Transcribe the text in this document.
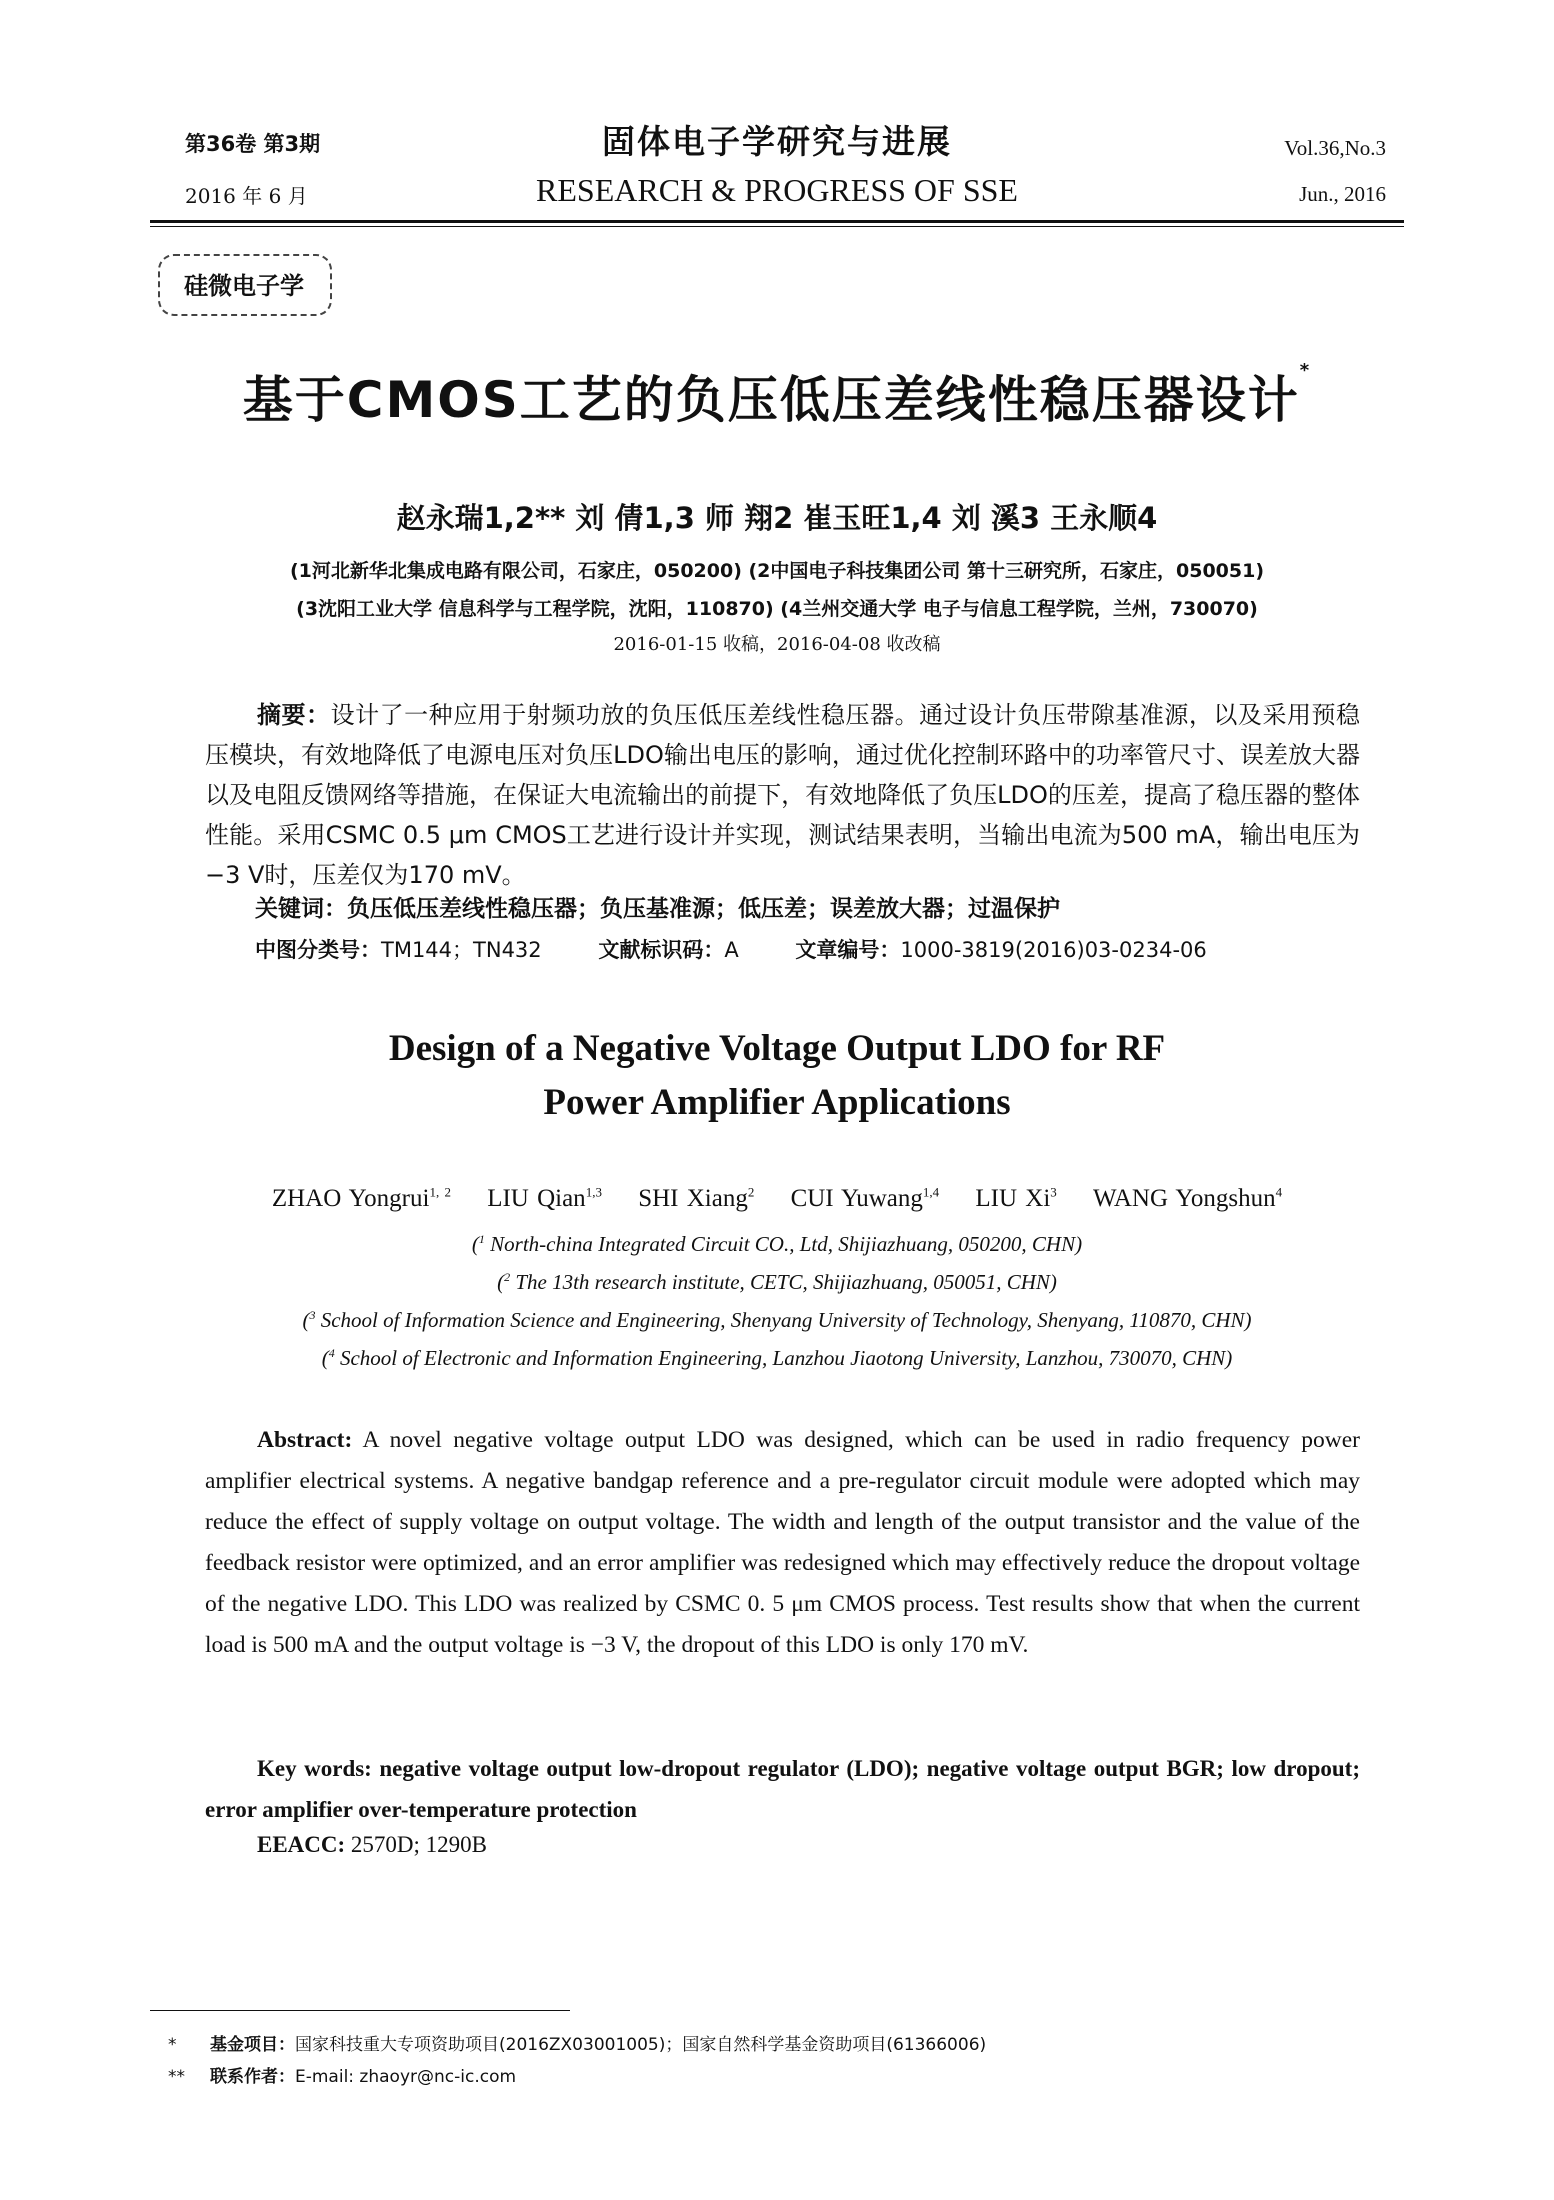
第36卷 第3期
2016 年 6 月
固体电子学研究与进展
RESEARCH & PROGRESS OF SSE
Vol.36,No.3
Jun., 2016
硅微电子学
基于CMOS工艺的负压低压差线性稳压器设计*
赵永瑞1,2** 刘 倩1,3 师 翔2 崔玉旺1,4 刘 溪3 王永顺4
(1河北新华北集成电路有限公司，石家庄，050200) (2中国电子科技集团公司 第十三研究所，石家庄，050051)
(3沈阳工业大学 信息科学与工程学院，沈阳，110870) (4兰州交通大学 电子与信息工程学院，兰州，730070)
2016-01-15 收稿，2016-04-08 收改稿
摘要：设计了一种应用于射频功放的负压低压差线性稳压器。通过设计负压带隙基准源，以及采用预稳压模块，有效地降低了电源电压对负压LDO输出电压的影响，通过优化控制环路中的功率管尺寸、误差放大器以及电阻反馈网络等措施，在保证大电流输出的前提下，有效地降低了负压LDO的压差，提高了稳压器的整体性能。采用CSMC 0.5 μm CMOS工艺进行设计并实现，测试结果表明，当输出电流为500 mA，输出电压为−3 V时，压差仅为170 mV。
关键词：负压低压差线性稳压器；负压基准源；低压差；误差放大器；过温保护
中图分类号：TM144；TN432	文献标识码：A	文章编号：1000-3819(2016)03-0234-06
Design of a Negative Voltage Output LDO for RF
Power Amplifier Applications
ZHAO Yongrui$^{1, 2}$ LIU Qian$^{1,3}$ SHI Xiang$^2$ CUI Yuwang$^{1,4}$ LIU Xi$^3$ WANG Yongshun$^4$
($^1$ North-china Integrated Circuit CO., Ltd, Shijiazhuang, 050200, CHN)
($^2$ The 13th research institute, CETC, Shijiazhuang, 050051, CHN)
($^3$ School of Information Science and Engineering, Shenyang University of Technology, Shenyang, 110870, CHN)
($^4$ School of Electronic and Information Engineering, Lanzhou Jiaotong University, Lanzhou, 730070, CHN)
Abstract: A novel negative voltage output LDO was designed, which can be used in radio frequency power amplifier electrical systems. A negative bandgap reference and a pre-regulator circuit module were adopted which may reduce the effect of supply voltage on output voltage. The width and length of the output transistor and the value of the feedback resistor were optimized, and an error amplifier was redesigned which may effectively reduce the dropout voltage of the negative LDO. This LDO was realized by CSMC 0. 5 μm CMOS process. Test results show that when the current load is 500 mA and the output voltage is −3 V, the dropout of this LDO is only 170 mV.
Key words: negative voltage output low-dropout regulator (LDO); negative voltage output BGR; low dropout; error amplifier over-temperature protection
EEACC: 2570D; 1290B
* 基金项目：国家科技重大专项资助项目(2016ZX03001005)；国家自然科学基金资助项目(61366006)
** 联系作者：E-mail: zhaoyr@nc-ic.com
